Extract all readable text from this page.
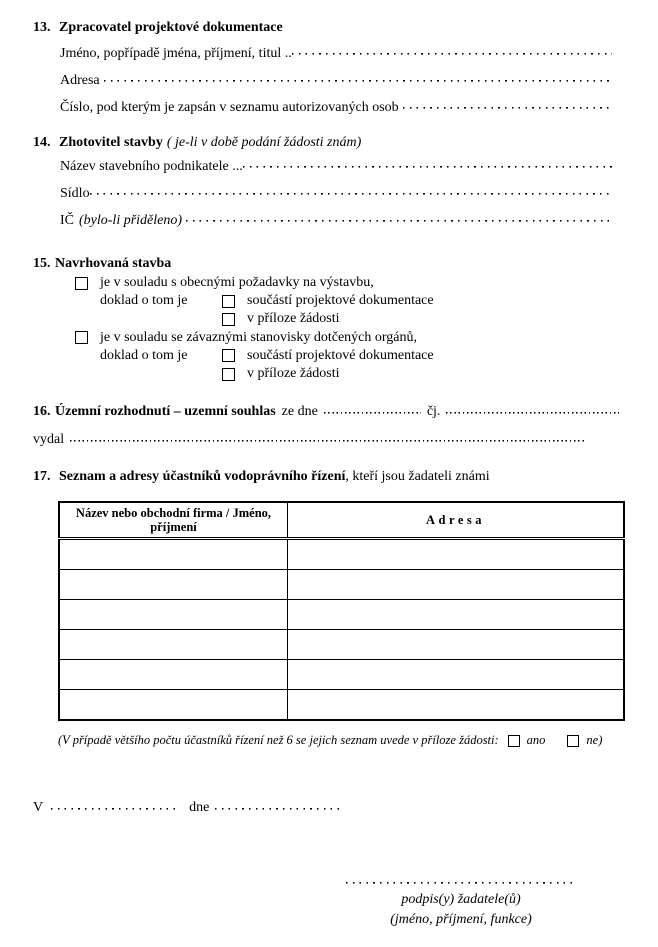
13. Zpracovatel projektové dokumentace
Jméno, popřípadě jména, příjmení, titul ..
Adresa
Číslo, pod kterým je zapsán v seznamu autorizovaných osob
14. Zhotovitel stavby ( je-li v době podání žádosti znám)
Název stavebního podnikatele ...
Sídlo
IČ (bylo-li přiděleno)
15. Navrhovaná stavba
je v souladu s obecnými požadavky na výstavbu,
doklad o tom je	součástí projektové dokumentace
v příloze žádosti
je v souladu se závaznými stanovisky dotčených orgánů,
doklad o tom je	součástí projektové dokumentace
v příloze žádosti
16. Územní rozhodnutí – uzemní souhlas ze dne	čj.
vydal
17. Seznam a adresy účastníků vodoprávního řízení, kteří jsou žadateli známi
Název nebo obchodní firma / Jméno,
příjmení	Adresa

(V případě většího počtu účastníků řízení než 6 se jejich seznam uvede v příloze žádosti: ano	ne)
V	dne
podpis(y) žadatele(ů)
(jméno, příjmení, funkce)
